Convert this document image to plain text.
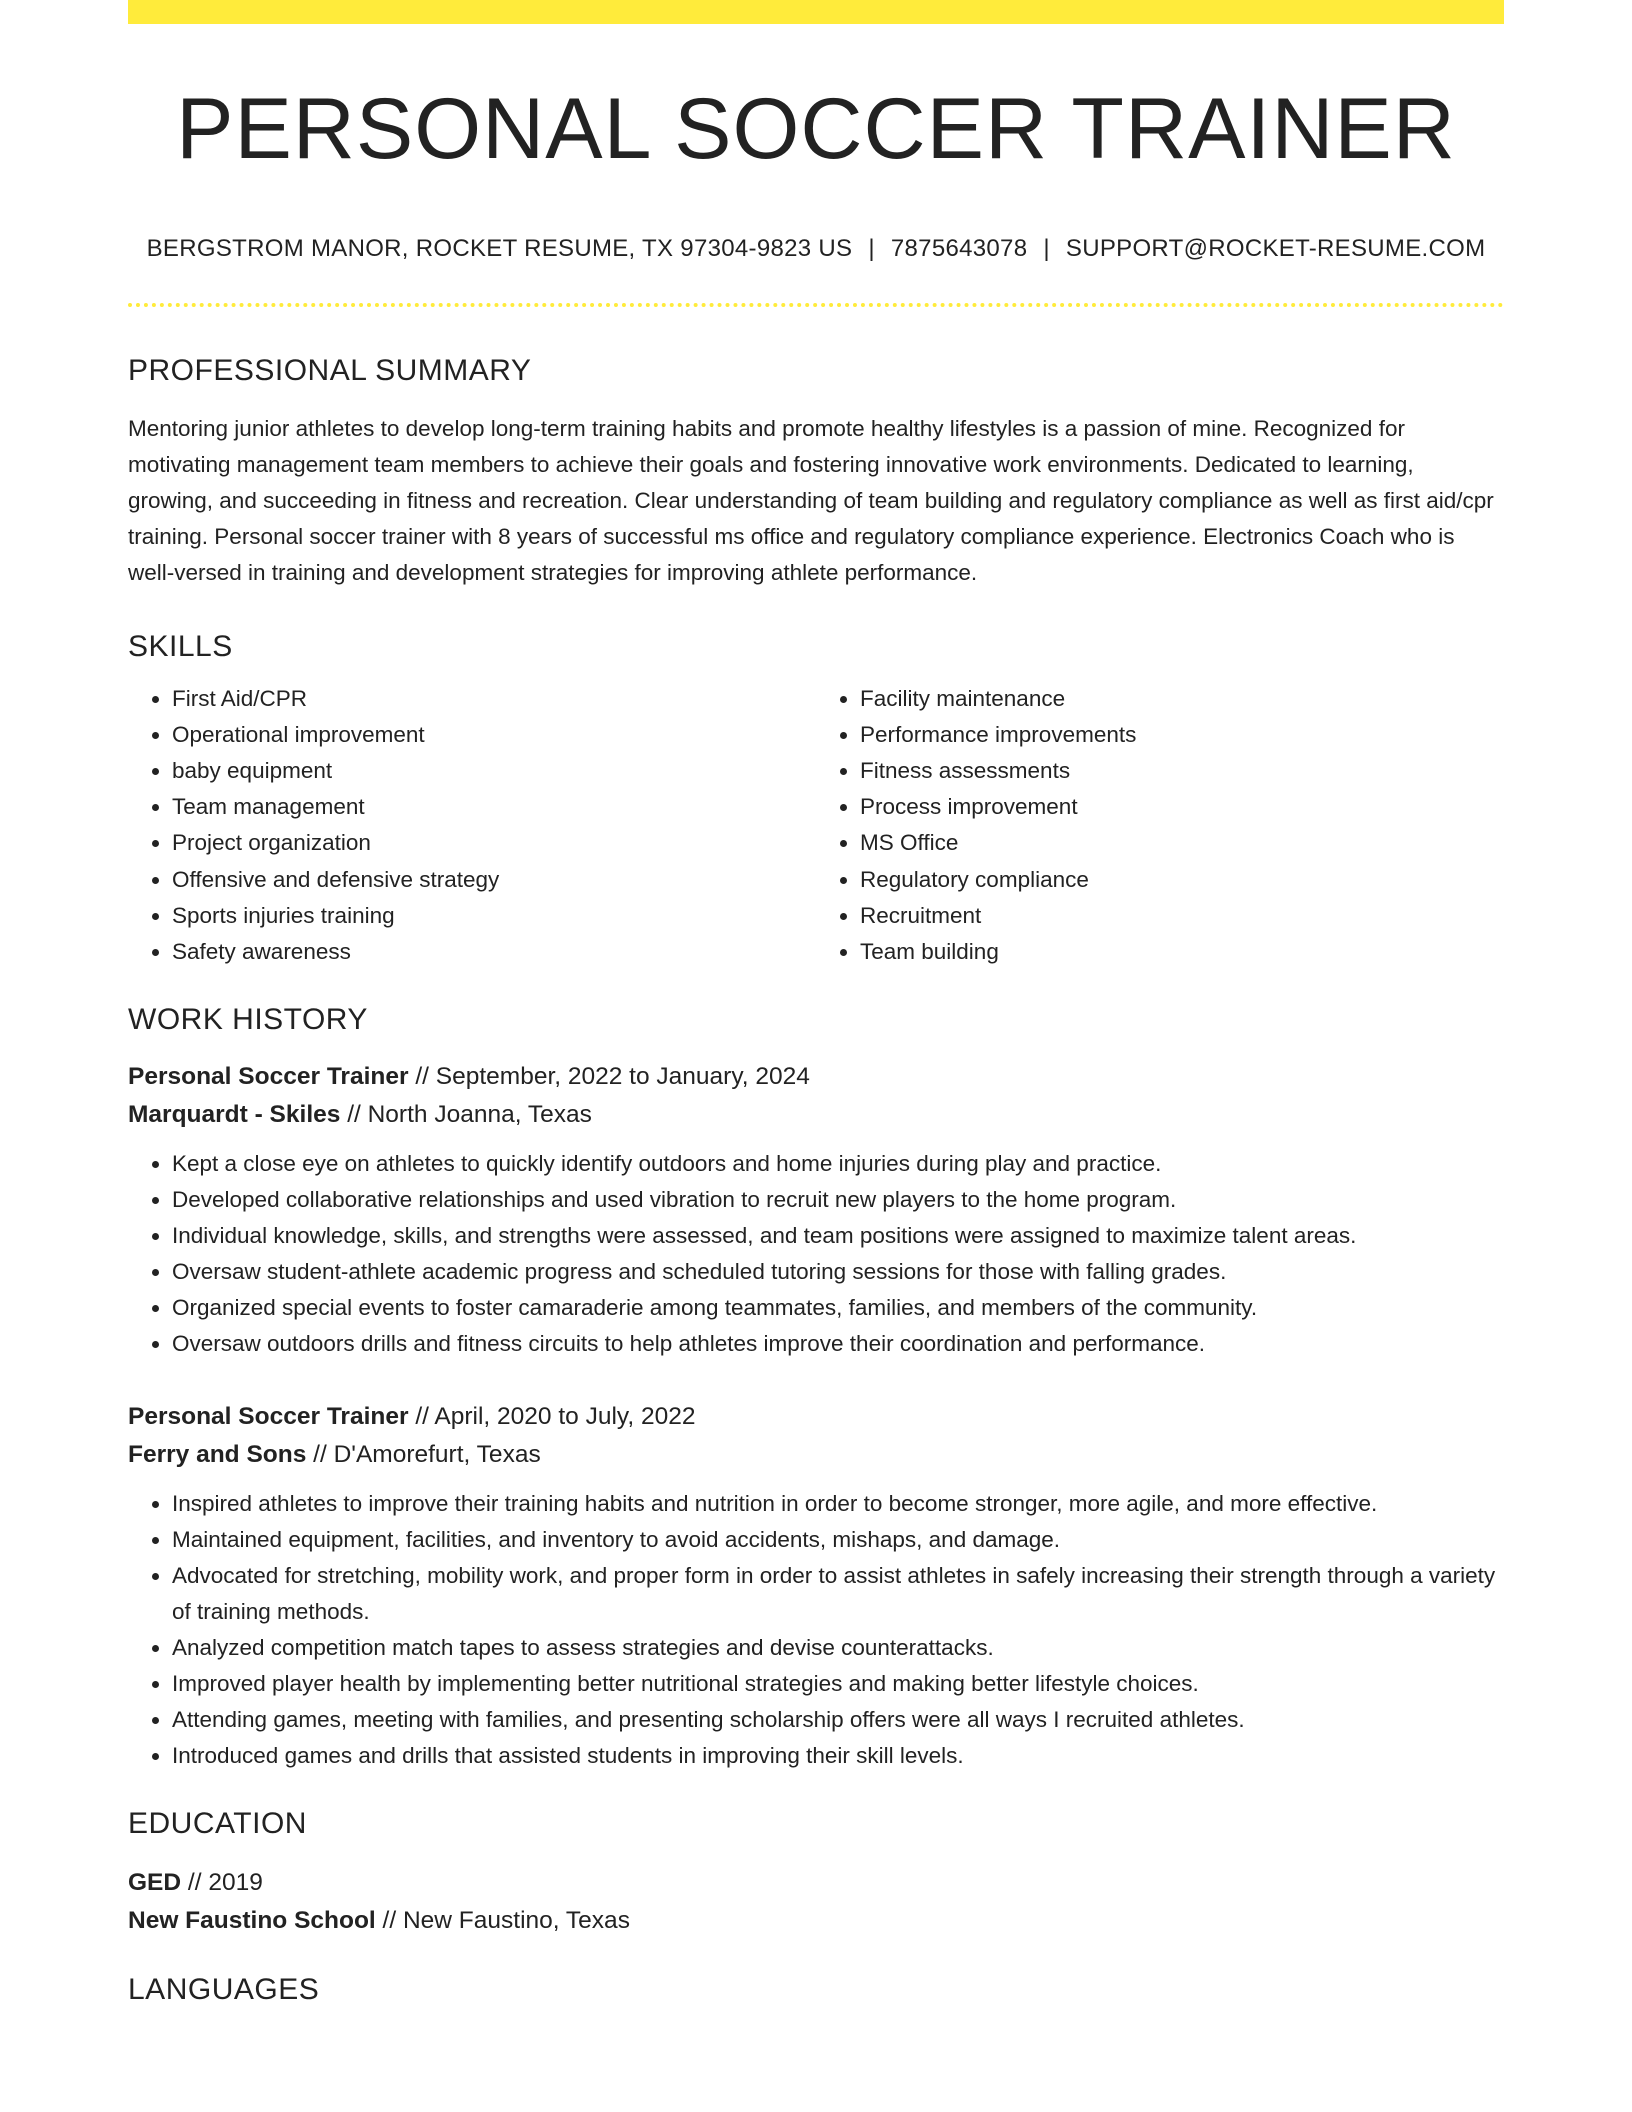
PERSONAL SOCCER TRAINER
BERGSTROM MANOR, ROCKET RESUME, TX 97304-9823 US | 7875643078 | SUPPORT@ROCKET-RESUME.COM
PROFESSIONAL SUMMARY
Mentoring junior athletes to develop long-term training habits and promote healthy lifestyles is a passion of mine. Recognized for motivating management team members to achieve their goals and fostering innovative work environments. Dedicated to learning, growing, and succeeding in fitness and recreation. Clear understanding of team building and regulatory compliance as well as first aid/cpr training. Personal soccer trainer with 8 years of successful ms office and regulatory compliance experience. Electronics Coach who is well-versed in training and development strategies for improving athlete performance.
SKILLS
• First Aid/CPR
• Operational improvement
• baby equipment
• Team management
• Project organization
• Offensive and defensive strategy
• Sports injuries training
• Safety awareness
• Facility maintenance
• Performance improvements
• Fitness assessments
• Process improvement
• MS Office
• Regulatory compliance
• Recruitment
• Team building
WORK HISTORY
Personal Soccer Trainer // September, 2022 to January, 2024
Marquardt - Skiles // North Joanna, Texas
• Kept a close eye on athletes to quickly identify outdoors and home injuries during play and practice.
• Developed collaborative relationships and used vibration to recruit new players to the home program.
• Individual knowledge, skills, and strengths were assessed, and team positions were assigned to maximize talent areas.
• Oversaw student-athlete academic progress and scheduled tutoring sessions for those with falling grades.
• Organized special events to foster camaraderie among teammates, families, and members of the community.
• Oversaw outdoors drills and fitness circuits to help athletes improve their coordination and performance.
Personal Soccer Trainer // April, 2020 to July, 2022
Ferry and Sons // D'Amorefurt, Texas
• Inspired athletes to improve their training habits and nutrition in order to become stronger, more agile, and more effective.
• Maintained equipment, facilities, and inventory to avoid accidents, mishaps, and damage.
• Advocated for stretching, mobility work, and proper form in order to assist athletes in safely increasing their strength through a variety of training methods.
• Analyzed competition match tapes to assess strategies and devise counterattacks.
• Improved player health by implementing better nutritional strategies and making better lifestyle choices.
• Attending games, meeting with families, and presenting scholarship offers were all ways I recruited athletes.
• Introduced games and drills that assisted students in improving their skill levels.
EDUCATION
GED // 2019
New Faustino School // New Faustino, Texas
LANGUAGES
